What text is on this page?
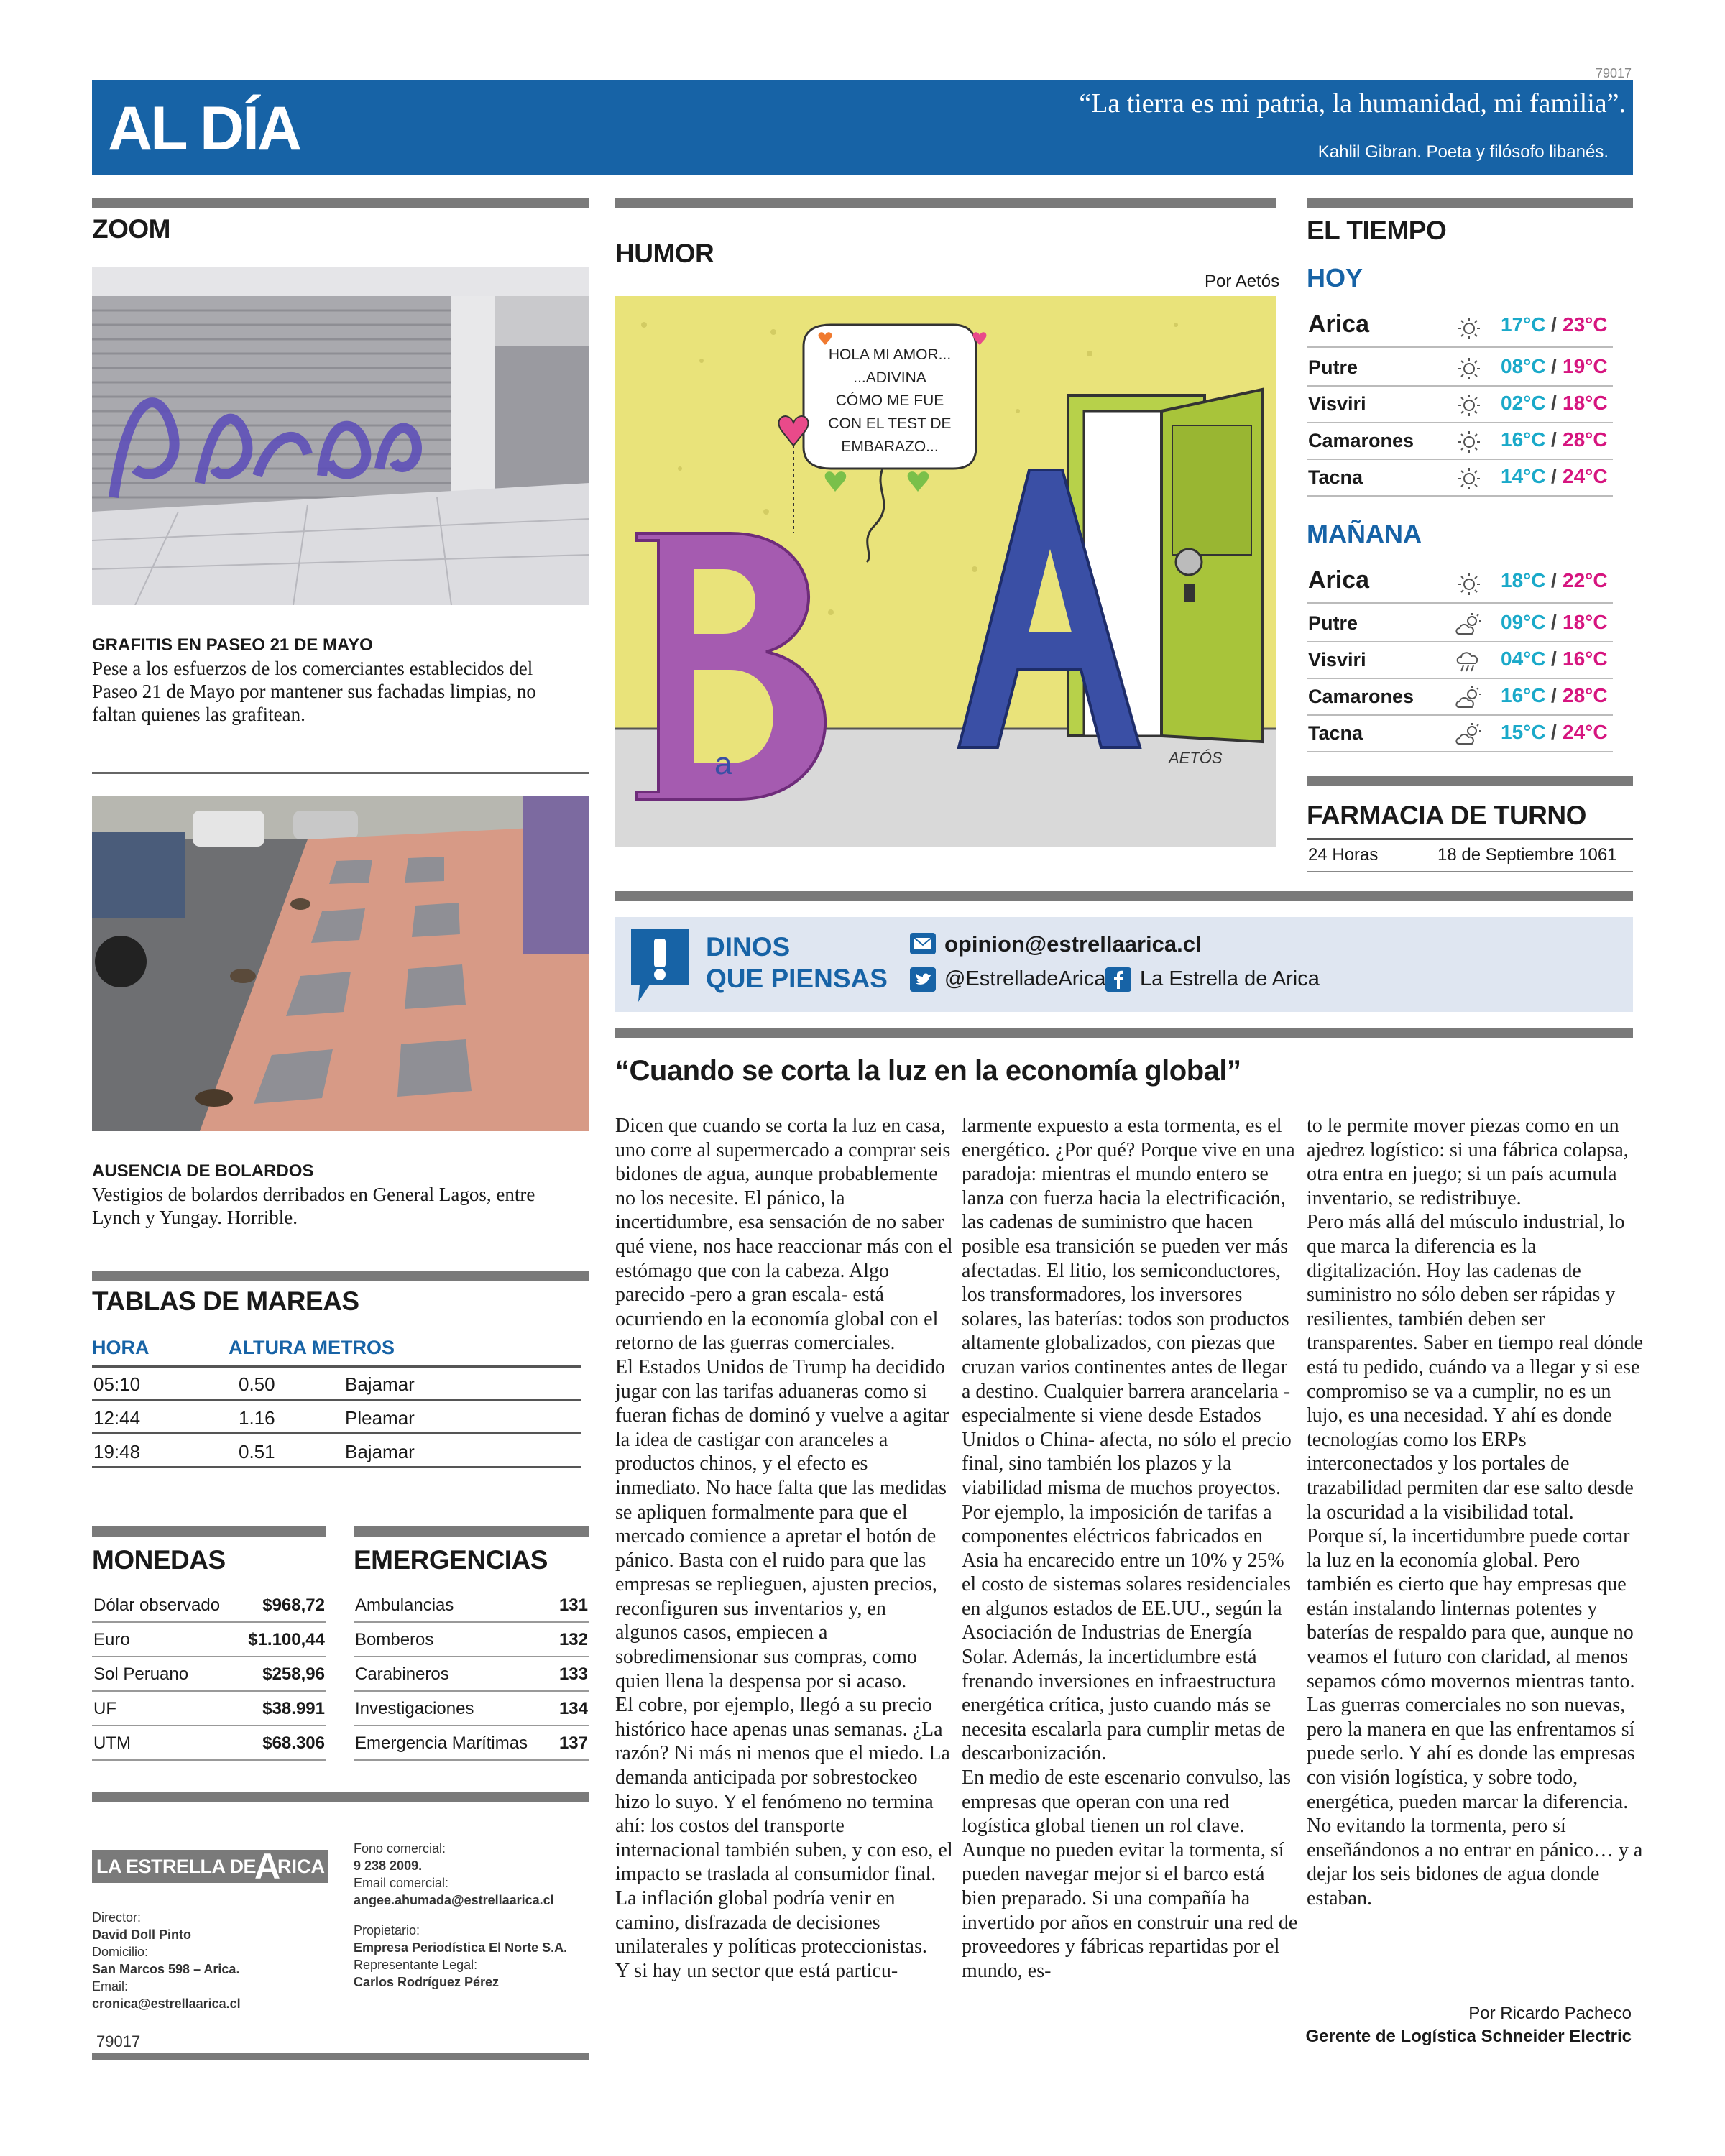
79017
AL DÍA	“La tierra es mi patria, la humanidad, mi familia”.
Kahlil Gibran. Poeta y filósofo libanés.
ZOOM
GRAFITIS EN PASEO 21 DE MAYO
Pese a los esfuerzos de los comerciantes establecidos del Paseo 21 de Mayo por mantener sus fachadas limpias, no faltan quienes las grafitean.
AUSENCIA DE BOLARDOS
Vestigios de bolardos derribados en General Lagos, entre Lynch y Yungay. Horrible.
TABLAS DE MAREAS
HORA	ALTURA METROS
05:10	0.50	Bajamar
12:44	1.16	Pleamar
19:48	0.51	Bajamar
MONEDAS	EMERGENCIAS
LA ESTRELLA DE
A
RICA
Director:
David Doll Pinto
Domicilio:
San Marcos 598 – Arica.
Email:
cronica@estrellaarica.cl
Fono comercial:
9 238 2009.
Email comercial:
angee.ahumada@estrellaarica.cl
Propietario:
Empresa Periodística El Norte S.A.
Representante Legal:
Carlos Rodríguez Pérez
79017
HUMOR
Por Aetós
HOLA MI AMOR...
...ADIVINA
CÓMO ME FUE
CON EL TEST DE
EMBARAZO...
a	AETÓS
EL TIEMPO
HOY
MAÑANA
FARMACIA DE TURNO
24 Horas	18 de Septiembre 1061
DINOS
QUE PIENSAS
opinion@estrellaarica.cl
@EstrelladeArica La Estrella de Arica
“Cuando se corta la luz en la economía global”

Dicen que cuando se corta la luz en casa, uno corre al supermercado a comprar seis bidones de agua, aunque probablemente no los necesite. El pánico, la incertidumbre, esa sensación de no saber qué viene, nos hace reaccionar más con el estómago que con la cabeza. Algo parecido -pero a gran escala- está ocurriendo en la economía global con el retorno de las guerras comerciales.

El Estados Unidos de Trump ha decidido jugar con las tarifas aduaneras como si fueran fichas de dominó y vuelve a agitar la idea de castigar con aranceles a productos chinos, y el efecto es inmediato. No hace falta que las medidas se apliquen formalmente para que el mercado comience a apretar el botón de pánico. Basta con el ruido para que las empresas se replieguen, ajusten precios, reconfiguren sus inventarios y, en algunos casos, empiecen a sobredimensionar sus compras, como quien llena la despensa por si acaso.

El cobre, por ejemplo, llegó a su precio histórico hace apenas unas semanas. ¿La razón? Ni más ni menos que el miedo. La demanda anticipada por sobrestockeo hizo lo suyo. Y el fenómeno no termina ahí: los costos del transporte internacional también suben, y con eso, el impacto se traslada al consumidor final. La inflación global podría venir en camino, disfrazada de decisiones unilaterales y políticas proteccionistas.

Y si hay un sector que está particu-

larmente expuesto a esta tormenta, es el energético. ¿Por qué? Porque vive en una paradoja: mientras el mundo entero se lanza con fuerza hacia la electrificación, las cadenas de suministro que hacen posible esa transición se pueden ver más afectadas. El litio, los semiconductores, los transformadores, los inversores solares, las baterías: todos son productos altamente globalizados, con piezas que cruzan varios continentes antes de llegar a destino. Cualquier barrera arancelaria -especialmente si viene desde Estados Unidos o China- afecta, no sólo el precio final, sino también los plazos y la viabilidad misma de muchos proyectos.

Por ejemplo, la imposición de tarifas a componentes eléctricos fabricados en Asia ha encarecido entre un 10% y 25% el costo de sistemas solares residenciales en algunos estados de EE.UU., según la Asociación de Industrias de Energía Solar. Además, la incertidumbre está frenando inversiones en infraestructura energética crítica, justo cuando más se necesita escalarla para cumplir metas de descarbonización.

En medio de este escenario convulso, las empresas que operan con una red logística global tienen un rol clave. Aunque no pueden evitar la tormenta, sí pueden navegar mejor si el barco está bien preparado. Si una compañía ha invertido por años en construir una red de proveedores y fábricas repartidas por el mundo, es-

to le permite mover piezas como en un ajedrez logístico: si una fábrica colapsa, otra entra en juego; si un país acumula inventario, se redistribuye.

Pero más allá del músculo industrial, lo que marca la diferencia es la digitalización. Hoy las cadenas de suministro no sólo deben ser rápidas y resilientes, también deben ser transparentes. Saber en tiempo real dónde está tu pedido, cuándo va a llegar y si ese compromiso se va a cumplir, no es un lujo, es una necesidad. Y ahí es donde tecnologías como los ERPs interconectados y los portales de trazabilidad permiten dar ese salto desde la oscuridad a la visibilidad total.

Porque sí, la incertidumbre puede cortar la luz en la economía global. Pero también es cierto que hay empresas que están instalando linternas potentes y baterías de respaldo para que, aunque no veamos el futuro con claridad, al menos sepamos cómo movernos mientras tanto.

Las guerras comerciales no son nuevas, pero la manera en que las enfrentamos sí puede serlo. Y ahí es donde las empresas con visión logística, y sobre todo, energética, pueden marcar la diferencia. No evitando la tormenta, pero sí enseñándonos a no entrar en pánico… y a dejar los seis bidones de agua donde estaban.

Por Ricardo Pacheco
Gerente de Logística Schneider Electric
Dólar observado $968,72
Euro	$1.100,44
Sol Peruano	$258,96
UF	$38.991
UTM	$68.306
Ambulancias	131
Bomberos	132
Carabineros	133
Investigaciones	134
Emergencia Marítimas 137
Arica	17°C / 23°C
Putre	08°C / 19°C
Visviri	02°C / 18°C
Camarones	16°C / 28°C
Tacna	14°C / 24°C
Arica	18°C / 22°C
Putre	09°C / 18°C
Visviri	04°C / 16°C
Camarones	16°C / 28°C
Tacna	15°C / 24°C
